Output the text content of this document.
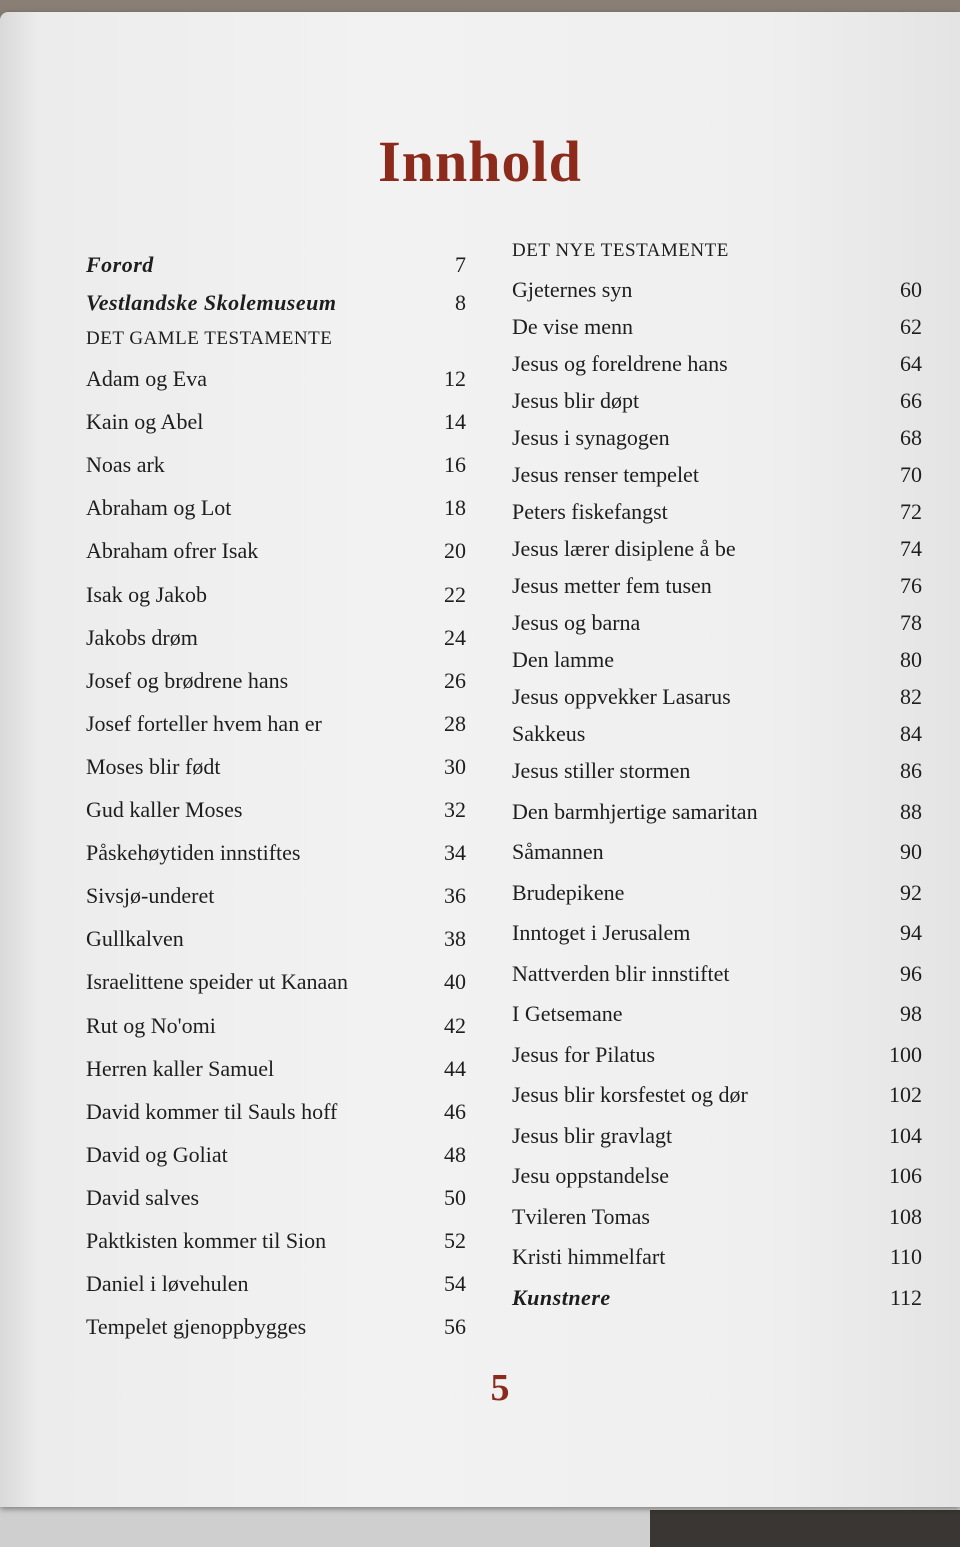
Innhold
Forord	7
Vestlandske Skolemuseum	8
DET GAMLE TESTAMENTE
Adam og Eva	12
Kain og Abel	14
Noas ark	16
Abraham og Lot	18
Abraham ofrer Isak	20
Isak og Jakob	22
Jakobs drøm	24
Josef og brødrene hans	26
Josef forteller hvem han er	28
Moses blir født	30
Gud kaller Moses	32
Påskehøytiden innstiftes	34
Sivsjø-underet	36
Gullkalven	38
Israelittene speider ut Kanaan	40
Rut og No'omi	42
Herren kaller Samuel	44
David kommer til Sauls hoff	46
David og Goliat	48
David salves	50
Paktkisten kommer til Sion	52
Daniel i løvehulen	54
Tempelet gjenoppbygges	56
DET NYE TESTAMENTE
Gjeternes syn	60
De vise menn	62
Jesus og foreldrene hans	64
Jesus blir døpt	66
Jesus i synagogen	68
Jesus renser tempelet	70
Peters fiskefangst	72
Jesus lærer disiplene å be	74
Jesus metter fem tusen	76
Jesus og barna	78
Den lamme	80
Jesus oppvekker Lasarus	82
Sakkeus	84
Jesus stiller stormen	86
Den barmhjertige samaritan	88
Såmannen	90
Brudepikene	92
Inntoget i Jerusalem	94
Nattverden blir innstiftet	96
I Getsemane	98
Jesus for Pilatus	100
Jesus blir korsfestet og dør	102
Jesus blir gravlagt	104
Jesu oppstandelse	106
Tvileren Tomas	108
Kristi himmelfart	110
Kunstnere	112
5
